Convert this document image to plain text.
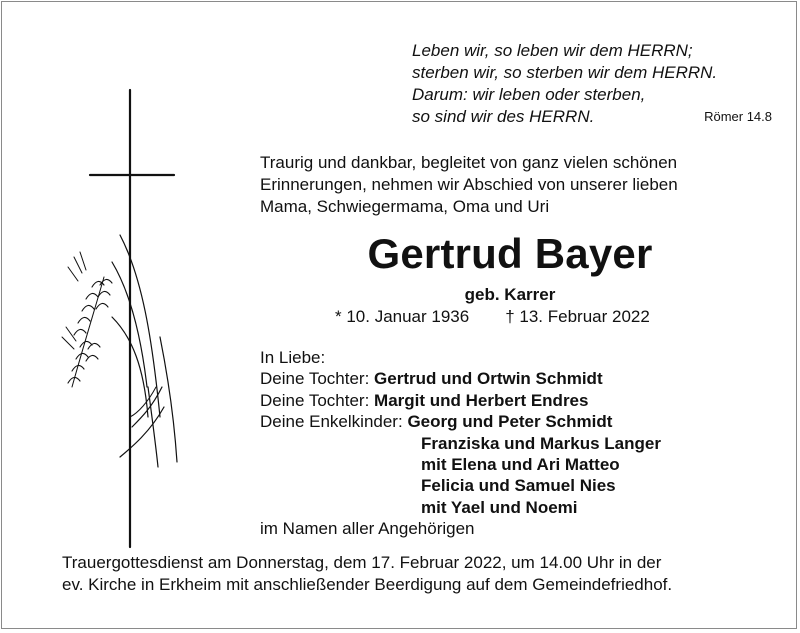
Leben wir, so leben wir dem HERRN;
sterben wir, so sterben wir dem HERRN.
Darum: wir leben oder sterben,
so sind wir des HERRN.	Römer 14.8
Traurig und dankbar, begleitet von ganz vielen schönen
Erinnerungen, nehmen wir Abschied von unserer lieben
Mama, Schwiegermama, Oma und Uri
Gertrud Bayer
geb. Karrer
* 10. Januar 1936 † 13. Februar 2022
In Liebe:
Deine Tochter: Gertrud und Ortwin Schmidt
Deine Tochter: Margit und Herbert Endres
Deine Enkelkinder: Georg und Peter Schmidt
Franziska und Markus Langer
mit Elena und Ari Matteo
Felicia und Samuel Nies
mit Yael und Noemi
im Namen aller Angehörigen
Trauergottesdienst am Donnerstag, dem 17. Februar 2022, um 14.00 Uhr in der
ev. Kirche in Erkheim mit anschließender Beerdigung auf dem Gemeindefriedhof.
